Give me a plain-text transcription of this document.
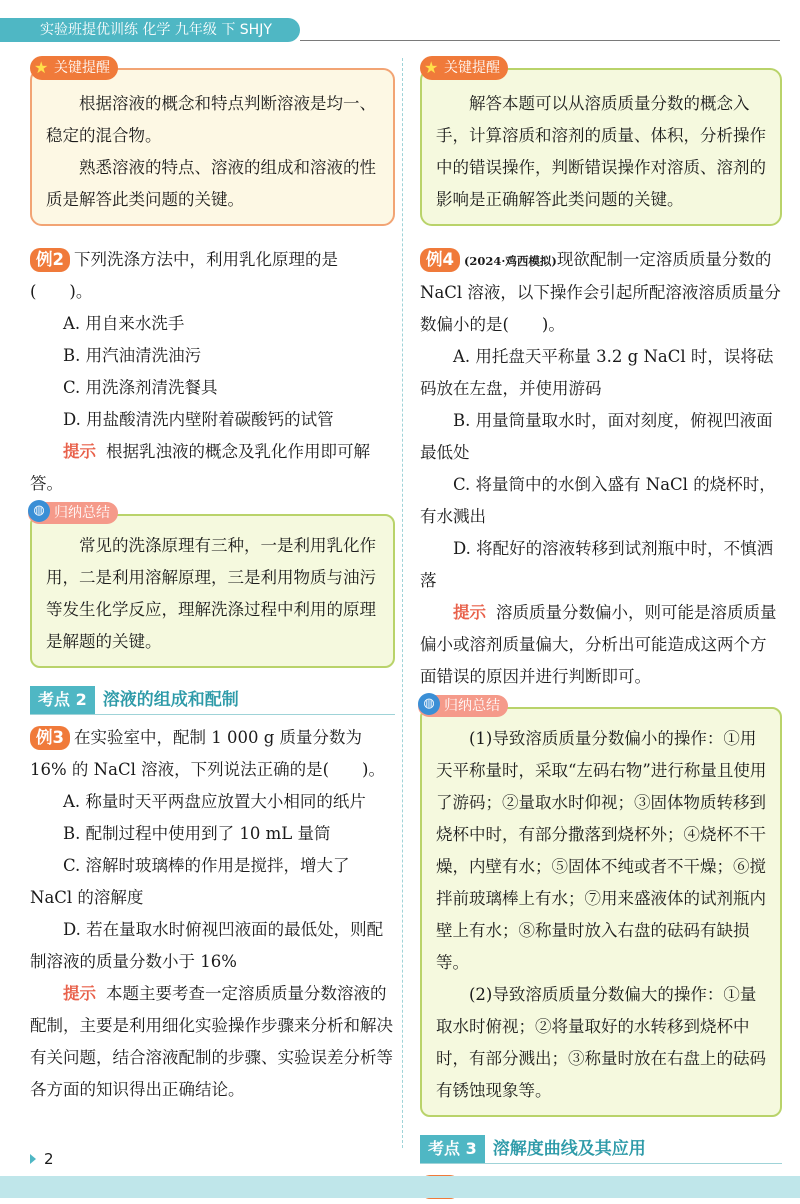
实验班提优训练 化学 九年级 下 SHJY
★ 关键提醒

根据溶液的概念和特点判断溶液是均一、稳定的混合物。

熟悉溶液的特点、溶液的组成和溶液的性质是解答此类问题的关键。

例2 下列洗涤方法中，利用乳化原理的是(　　)。

A. 用自来水洗手

B. 用汽油清洗油污

C. 用洗涤剂清洗餐具

D. 用盐酸清洗内壁附着碳酸钙的试管

提示 根据乳浊液的概念及乳化作用即可解答。

◍ 归纳总结

常见的洗涤原理有三种，一是利用乳化作用，二是利用溶解原理，三是利用物质与油污等发生化学反应，理解洗涤过程中利用的原理是解题的关键。

考点 2 溶液的组成和配制

例3 在实验室中，配制 1 000 g 质量分数为 16% 的 NaCl 溶液，下列说法正确的是(　　)。

A. 称量时天平两盘应放置大小相同的纸片

B. 配制过程中使用到了 10 mL 量筒

C. 溶解时玻璃棒的作用是搅拌，增大了 NaCl 的溶解度

D. 若在量取水时俯视凹液面的最低处，则配制溶液的质量分数小于 16%

提示 本题主要考查一定溶质质量分数溶液的配制，主要是利用细化实验操作步骤来分析和解决有关问题，结合溶液配制的步骤、实验误差分析等各方面的知识得出正确结论。

★ 关键提醒

解答本题可以从溶质质量分数的概念入手，计算溶质和溶剂的质量、体积，分析操作中的错误操作，判断错误操作对溶质、溶剂的影响是正确解答此类问题的关键。

例4 (2024·鸡西模拟)现欲配制一定溶质质量分数的 NaCl 溶液，以下操作会引起所配溶液溶质质量分数偏小的是(　　)。

A. 用托盘天平称量 3.2 g NaCl 时，误将砝码放在左盘，并使用游码

B. 用量筒量取水时，面对刻度，俯视凹液面最低处

C. 将量筒中的水倒入盛有 NaCl 的烧杯时，有水溅出

D. 将配好的溶液转移到试剂瓶中时，不慎洒落

提示 溶质质量分数偏小，则可能是溶质质量偏小或溶剂质量偏大，分析出可能造成这两个方面错误的原因并进行判断即可。

◍ 归纳总结

(1)导致溶质质量分数偏小的操作：①用天平称量时，采取“左码右物”进行称量且使用了游码；②量取水时仰视；③固体物质转移到烧杯中时，有部分撒落到烧杯外；④烧杯不干燥，内壁有水；⑤固体不纯或者不干燥；⑥搅拌前玻璃棒上有水；⑦用来盛液体的试剂瓶内壁上有水；⑧称量时放入右盘的砝码有缺损等。

(2)导致溶质质量分数偏大的操作：①量取水时俯视；②将量取好的水转移到烧杯中时，有部分溅出；③称量时放在右盘上的砝码有锈蚀现象等。

考点 3 溶解度曲线及其应用

2
